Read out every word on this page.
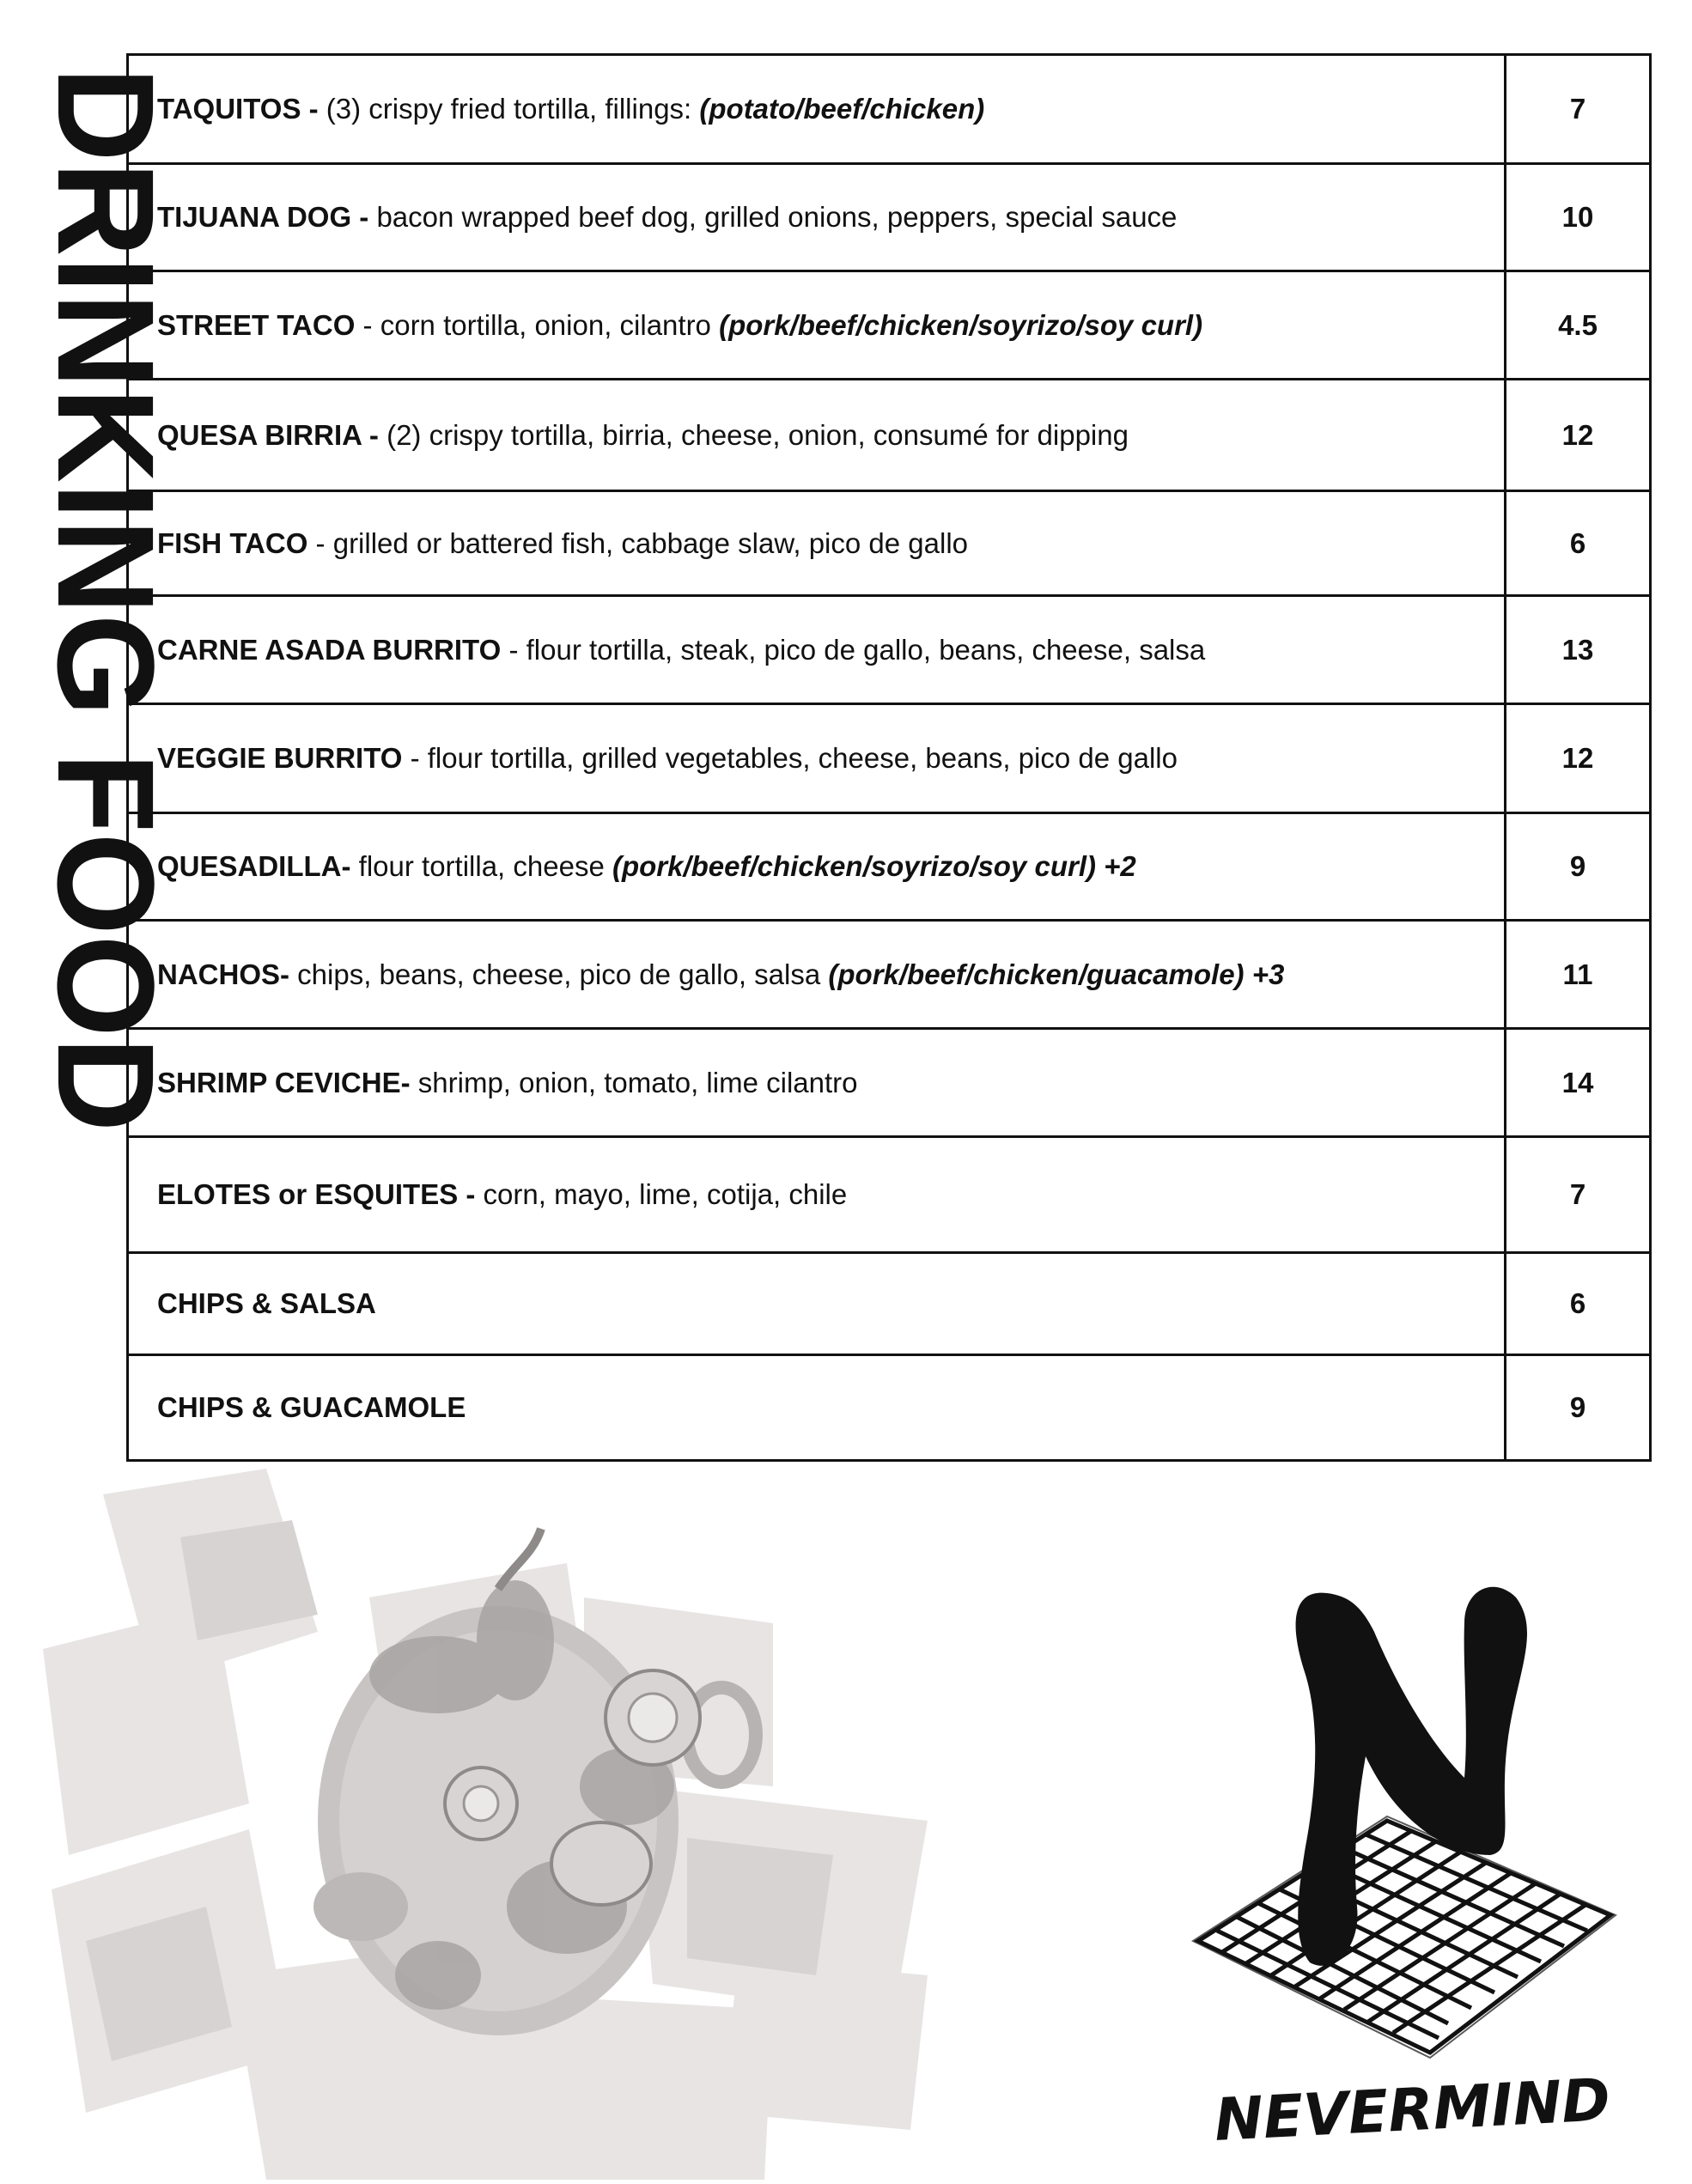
DRINKING FOOD
TAQUITOS - (3) crispy fried tortilla, fillings: (potato/beef/chicken)	7
TIJUANA DOG - bacon wrapped beef dog, grilled onions, peppers, special sauce	10
STREET TACO - corn tortilla, onion, cilantro (pork/beef/chicken/soyrizo/soy curl)	4.5
QUESA BIRRIA - (2) crispy tortilla, birria, cheese, onion, consumé for dipping	12
FISH TACO - grilled or battered fish, cabbage slaw, pico de gallo	6
CARNE ASADA BURRITO - flour tortilla, steak, pico de gallo, beans, cheese, salsa	13
VEGGIE BURRITO - flour tortilla, grilled vegetables, cheese, beans, pico de gallo	12
QUESADILLA- flour tortilla, cheese (pork/beef/chicken/soyrizo/soy curl) +2	9
NACHOS- chips, beans, cheese, pico de gallo, salsa (pork/beef/chicken/guacamole) +3	11
SHRIMP CEVICHE- shrimp, onion, tomato, lime cilantro	14
ELOTES or ESQUITES - corn, mayo, lime, cotija, chile	7
CHIPS & SALSA	6
CHIPS & GUACAMOLE	9
NEVERMIND
